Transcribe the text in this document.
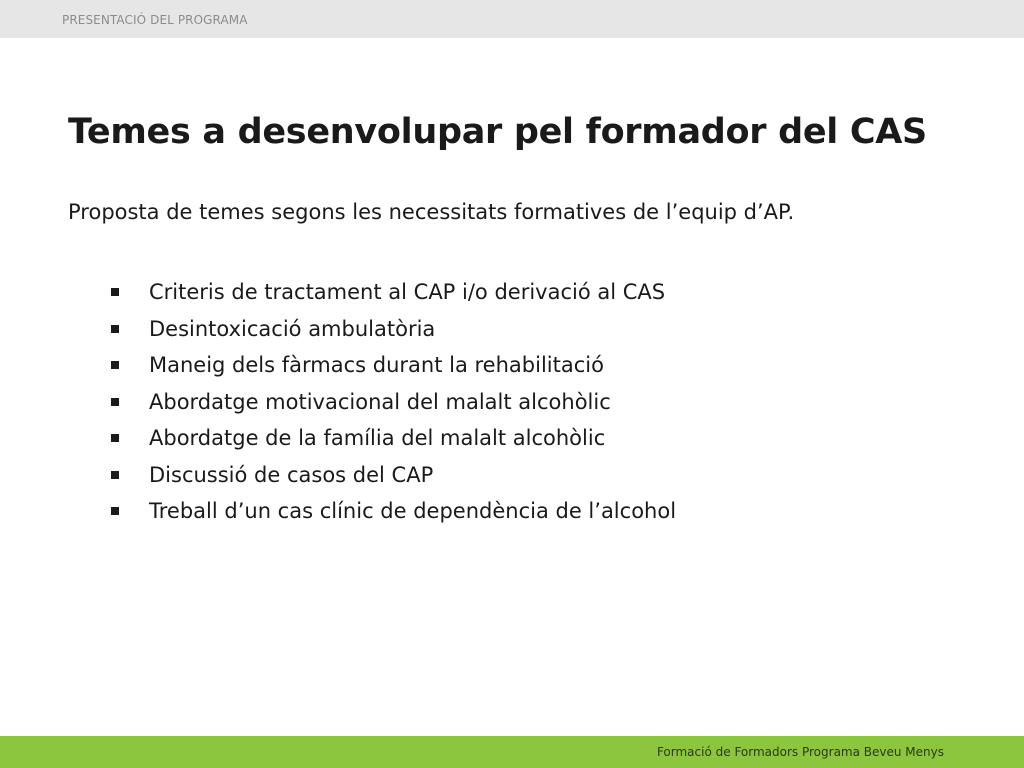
PRESENTACIÓ DEL PROGRAMA
Temes a desenvolupar pel formador del CAS

Proposta de temes segons les necessitats formatives de l’equip d’AP.

Criteris de tractament al CAP i/o derivació al CAS
Desintoxicació ambulatòria
Maneig dels fàrmacs durant la rehabilitació
Abordatge motivacional del malalt alcohòlic
Abordatge de la família del malalt alcohòlic
Discussió de casos del CAP
Treball d’un cas clínic de dependència de l’alcohol
Formació de Formadors Programa Beveu Menys
